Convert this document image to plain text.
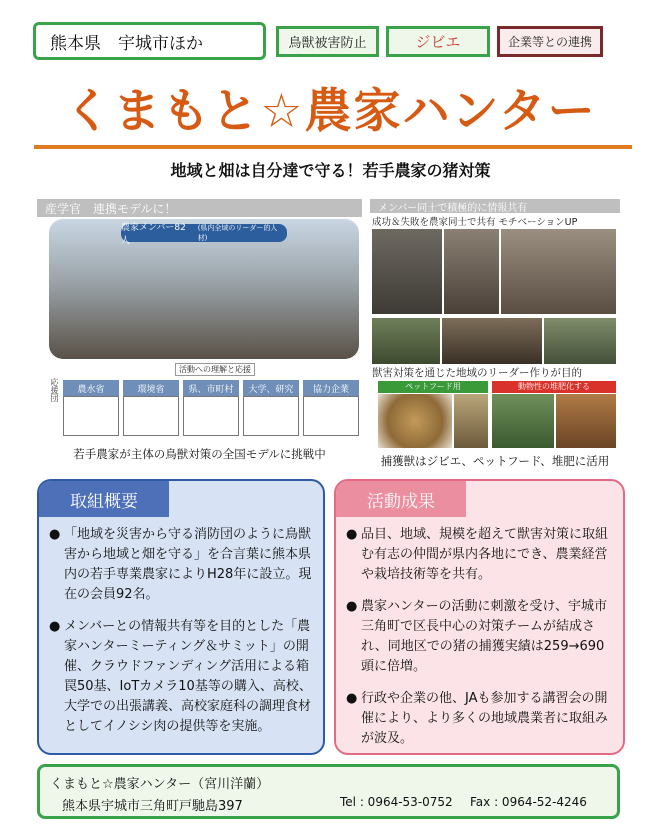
熊本県　宇城市ほか	鳥獣被害防止	ジビエ	企業等との連携
くまもと☆農家ハンター
地域と畑は自分達で守る！若手農家の猪対策
産学官　連携モデルに！
農家メンバー82人
(県内全域のリーダー的人材)
活動への理解と応援
応援団	農水省	環境省	県、市町村	大学、研究	協力企業
若手農家が主体の鳥獣対策の全国モデルに挑戦中
メンバー同士で積極的に情報共有
成功＆失敗を農家同士で共有 モチベーションUP
獣害対策を通じた地域のリーダー作りが目的
ペットフード用	動物性の堆肥化する
捕獲獣はジビエ、ペットフード、堆肥に活用
取組概要
● 「地域を災害から守る消防団のように鳥獣害から地域と畑を守る」を合言葉に熊本県内の若手専業農家によりH28年に設立。現在の会員92名。
● メンバーとの情報共有等を目的とした「農家ハンターミーティング＆サミット」の開催、クラウドファンディング活用による箱罠50基、IoTカメラ10基等の購入、高校、大学での出張講義、高校家庭科の調理食材としてイノシシ肉の提供等を実施。
活動成果
● 品目、地域、規模を超えて獣害対策に取組む有志の仲間が県内各地にでき、農業経営や栽培技術等を共有。
● 農家ハンターの活動に刺激を受け、宇城市三角町で区長中心の対策チームが結成され、同地区での猪の捕獲実績は259→690頭に倍増。
● 行政や企業の他、JAも参加する講習会の開催により、より多くの地域農業者に取組みが波及。
くまもと☆農家ハンター（宮川洋蘭）
熊本県宇城市三角町戸馳島397	Tel : 0964-53-0752	Fax : 0964-52-4246
